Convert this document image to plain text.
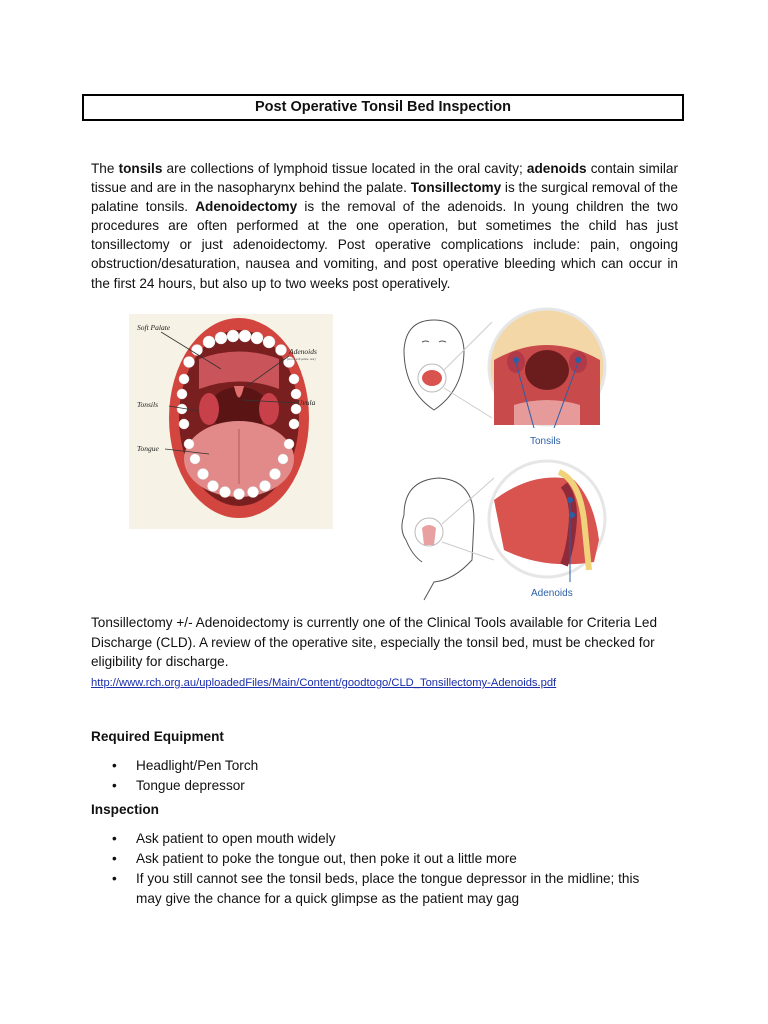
Post Operative Tonsil Bed Inspection

The tonsils are collections of lymphoid tissue located in the oral cavity; adenoids contain similar tissue and are in the nasopharynx behind the palate. Tonsillectomy is the surgical removal of the palatine tonsils. Adenoidectomy is the removal of the adenoids. In young children the two procedures are often performed at the one operation, but sometimes the child has just tonsillectomy or just adenoidectomy. Post operative complications include: pain, ongoing obstruction/desaturation, nausea and vomiting, and post operative bleeding which can occur in the first 24 hours, but also up to two weeks post operatively.

Soft Palate
Adenoids
(above soft palate, rear)
Tonsils	Uvula
Tongue
Tonsils
Adenoids

Tonsillectomy +/- Adenoidectomy is currently one of the Clinical Tools available for Criteria Led Discharge (CLD). A review of the operative site, especially the tonsil bed, must be checked for eligibility for discharge.

http://www.rch.org.au/uploadedFiles/Main/Content/goodtogo/CLD_Tonsillectomy-Adenoids.pdf
Required Equipment
• Headlight/Pen Torch
• Tongue depressor
Inspection
• Ask patient to open mouth widely
• Ask patient to poke the tongue out, then poke it out a little more
• If you still cannot see the tonsil beds, place the tongue depressor in the midline; this may give the chance for a quick glimpse as the patient may gag
